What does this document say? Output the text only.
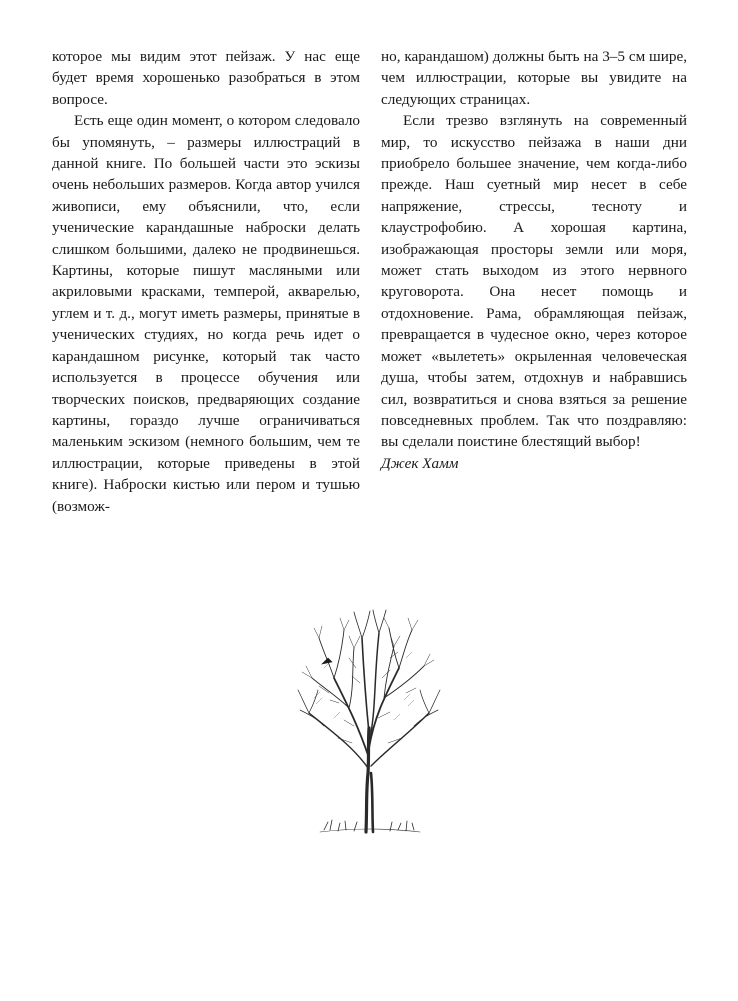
которое мы видим этот пейзаж. У нас еще будет время хорошенько разобраться в этом вопросе.

Есть еще один момент, о котором следовало бы упомянуть, – размеры иллюстраций в данной книге. По большей части это эскизы очень небольших размеров. Когда автор учился живописи, ему объяснили, что, если ученические карандашные наброски делать слишком большими, далеко не продвинешься. Картины, которые пишут масляными или акриловыми красками, темперой, акварелью, углем и т. д., могут иметь размеры, принятые в ученических студиях, но когда речь идет о карандашном рисунке, который так часто используется в процессе обучения или творческих поисков, предваряющих создание картины, гораздо лучше ограничиваться маленьким эскизом (немного большим, чем те иллюстрации, которые приведены в этой книге). Наброски кистью или пером и тушью (возмож-

но, карандашом) должны быть на 3–5 см шире, чем иллюстрации, которые вы увидите на следующих страницах.

Если трезво взглянуть на современный мир, то искусство пейзажа в наши дни приобрело большее значение, чем когда-либо прежде. Наш суетный мир несет в себе напряжение, стрессы, тесноту и клаустрофобию. А хорошая картина, изображающая просторы земли или моря, может стать выходом из этого нервного круговорота. Она несет помощь и отдохновение. Рама, обрамляющая пейзаж, превращается в чудесное окно, через которое может «вылететь» окрыленная человеческая душа, чтобы затем, отдохнув и набравшись сил, возвратиться и снова взяться за решение повседневных проблем. Так что поздравляю: вы сделали поистине блестящий выбор!

Джек Хамм
